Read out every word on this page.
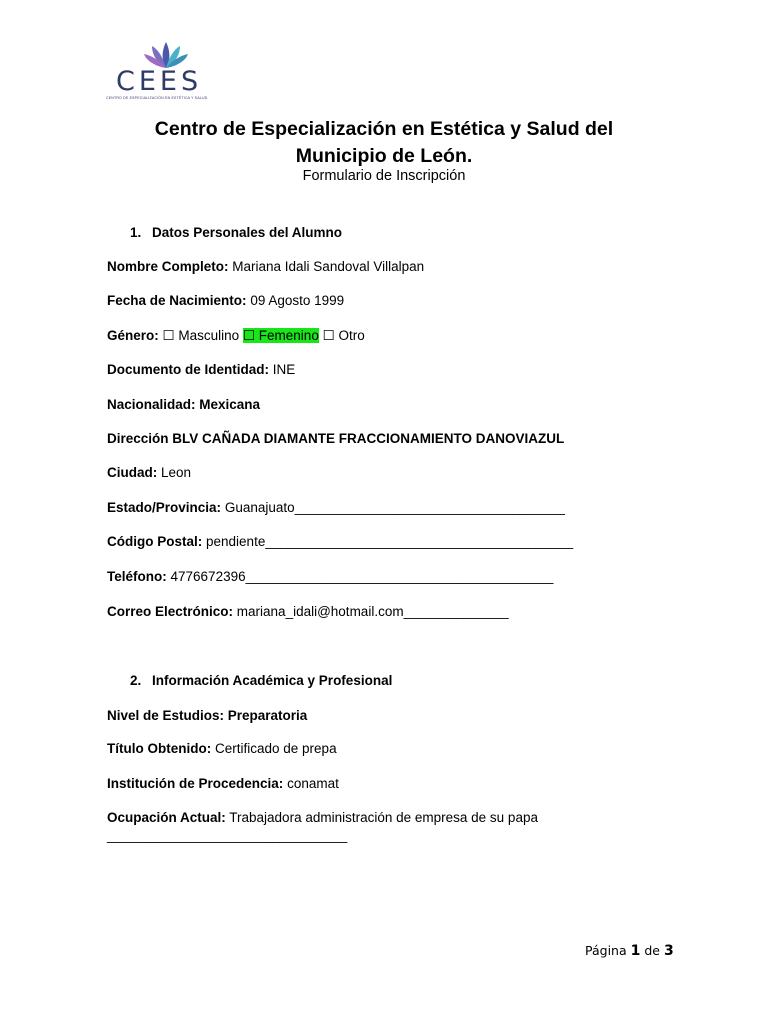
CEES
CENTRO DE ESPECIALIZACIÓN EN ESTÉTICA Y SALUD
Centro de Especialización en Estética y Salud del
Municipio de León.
Formulario de Inscripción
1. Datos Personales del Alumno
Nombre Completo: Mariana Idali Sandoval Villalpan
Fecha de Nacimiento: 09 Agosto 1999
Género: ☐ Masculino ☐ Femenino ☐ Otro
Documento de Identidad: INE
Nacionalidad: Mexicana
Dirección BLV CAÑADA DIAMANTE FRACCIONAMIENTO DANOVIAZUL
Ciudad: Leon
Estado/Provincia: Guanajuato____________________________________
Código Postal: pendiente_________________________________________
Teléfono: 4776672396_________________________________________
Correo Electrónico: mariana_idali@hotmail.com______________
2. Información Académica y Profesional
Nivel de Estudios: Preparatoria
Título Obtenido: Certificado de prepa
Institución de Procedencia: conamat
Ocupación Actual: Trabajadora administración de empresa de su papa
________________________________
Página 1 de 3
